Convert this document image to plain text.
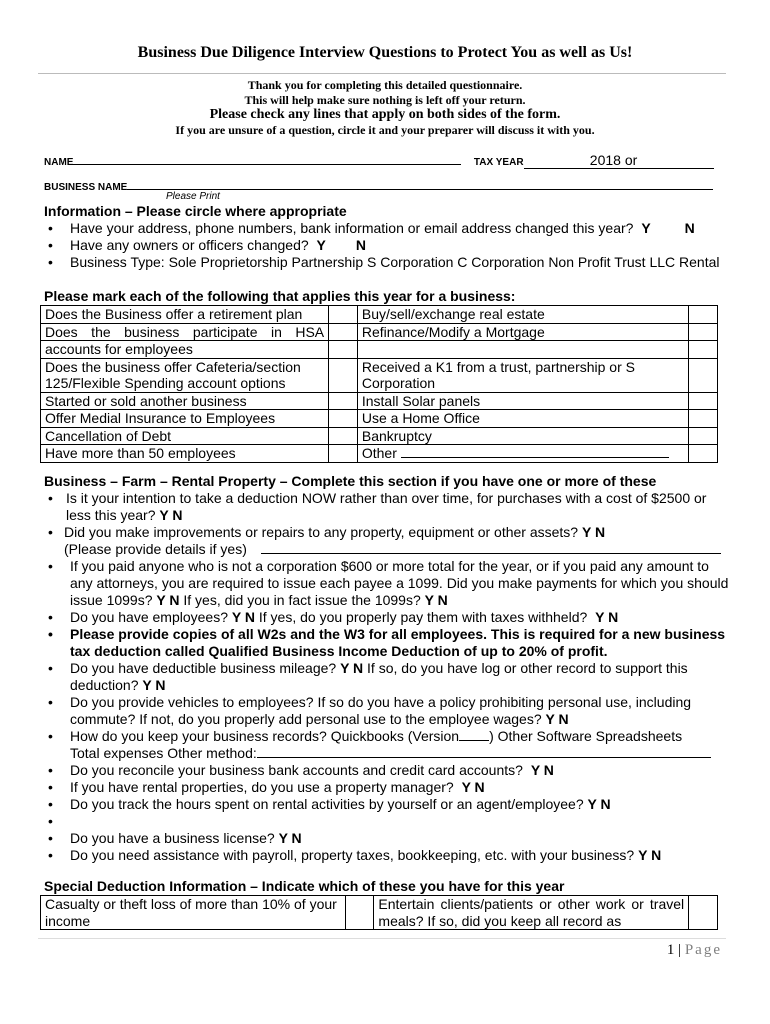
Business Due Diligence Interview Questions to Protect You as well as Us!
Thank you for completing this detailed questionnaire.
This will help make sure nothing is left off your return.
Please check any lines that apply on both sides of the form.
If you are unsure of a question, circle it and your preparer will discuss it with you.
NAME	TAX YEAR	2018 or
BUSINESS NAME
Please Print
Information – Please circle where appropriate
• Have your address, phone numbers, bank information or email address changed this year? Y N
• Have any owners or officers changed? Y N
• Business Type: Sole Proprietorship Partnership S Corporation C Corporation Non Profit Trust LLC Rental
Please mark each of the following that applies this year for a business:
Does the Business offer a retirement plan		Buy/sell/exchange real estate	

Does  the  business  participate  in  HSA		Refinance/Modify a Mortgage	
accounts for employees			
Does the business offer Cafeteria/section 125/Flexible Spending account options		Received a K1 from a trust, partnership or S Corporation	
Started or sold another business		Install Solar panels	
Offer Medial Insurance to Employees		Use a Home Office	
Cancellation of Debt		Bankruptcy	
Have more than 50 employees		Other	
Business – Farm – Rental Property – Complete this section if you have one or more of these
• Is it your intention to take a deduction NOW rather than over time, for purchases with a cost of $2500 or
less this year? Y N
• Did you make improvements or repairs to any property, equipment or other assets? Y N
(Please provide details if yes)
• If you paid anyone who is not a corporation $600 or more total for the year, or if you paid any amount to
any attorneys, you are required to issue each payee a 1099. Did you make payments for which you should
issue 1099s? Y N If yes, did you in fact issue the 1099s? Y N
• Do you have employees? Y N If yes, do you properly pay them with taxes withheld? Y N
• Please provide copies of all W2s and the W3 for all employees. This is required for a new business
tax deduction called Qualified Business Income Deduction of up to 20% of profit.
• Do you have deductible business mileage? Y N If so, do you have log or other record to support this
deduction? Y N
• Do you provide vehicles to employees? If so do you have a policy prohibiting personal use, including
commute? If not, do you properly add personal use to the employee wages? Y N
• How do you keep your business records? Quickbooks (Version ) Other Software Spreadsheets
Total expenses Other method:
• Do you reconcile your business bank accounts and credit card accounts? Y N
• If you have rental properties, do you use a property manager? Y N
• Do you track the hours spent on rental activities by yourself or an agent/employee? Y N
•

• Do you have a business license? Y N
• Do you need assistance with payroll, property taxes, bookkeeping, etc. with your business? Y N
Special Deduction Information – Indicate which of these you have for this year
Casualty or theft loss of more than 10% of your income		Entertain clients/patients or other work or travel meals? If so, did you keep all record as	
1 | Page
